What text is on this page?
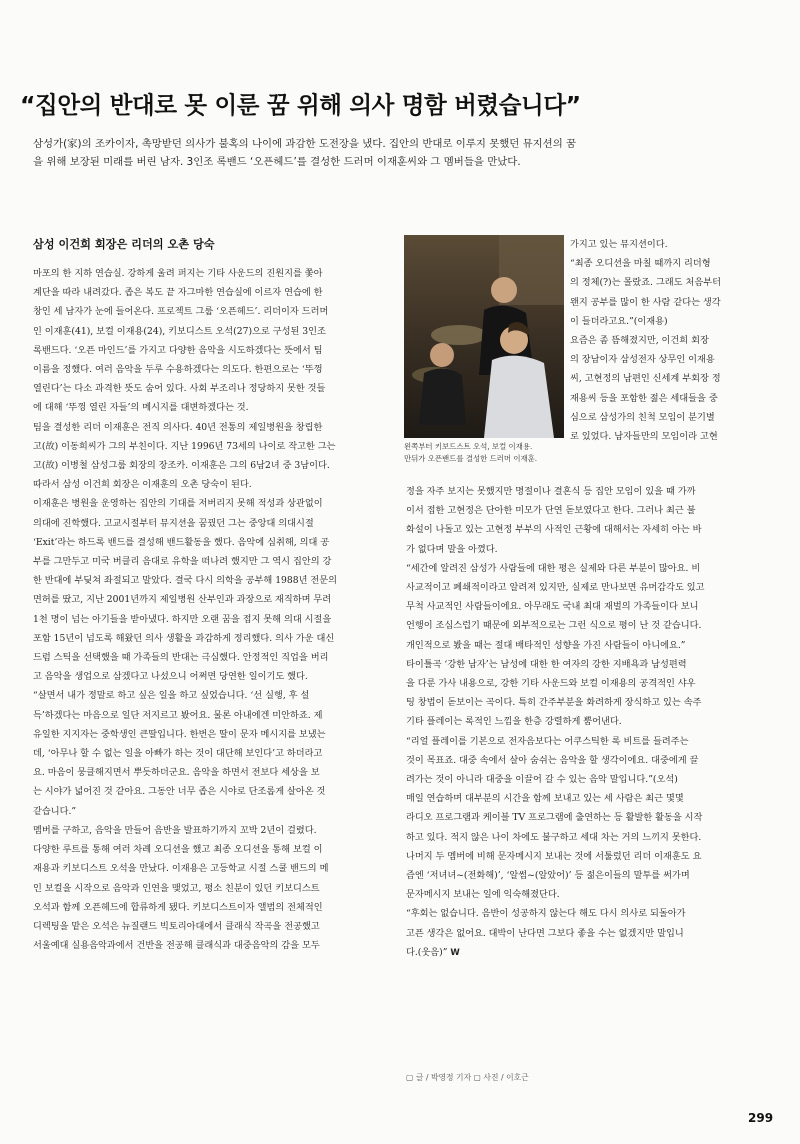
“집안의 반대로 못 이룬 꿈 위해 의사 명함 버렸습니다”

삼성가(家)의 조카이자, 촉망받던 의사가 불혹의 나이에 과감한 도전장을 냈다. 집안의 반대로 이루지 못했던 뮤지션의 꿈

을 위해 보장된 미래를 버린 남자. 3인조 록밴드 ‘오픈헤드’를 결성한 드러머 이재훈씨와 그 멤버들을 만났다.

삼성 이건희 회장은 리더의 오촌 당숙

마포의 한 지하 연습실. 강하게 울려 퍼지는 기타 사운드의 진원지를 쫓아

계단을 따라 내려갔다. 좁은 복도 끝 자그마한 연습실에 이르자 연습에 한

창인 세 남자가 눈에 들어온다. 프로젝트 그룹 ‘오픈헤드’. 리더이자 드러머

인 이재훈(41), 보컬 이재용(24), 키보디스트 오석(27)으로 구성된 3인조

록밴드다. ‘오픈 마인드’를 가지고 다양한 음악을 시도하겠다는 뜻에서 팀

이름을 정했다. 여러 음악을 두루 수용하겠다는 의도다. 한편으로는 ‘뚜껑

열린다’는 다소 과격한 뜻도 숨어 있다. 사회 부조리나 정당하지 못한 것들

에 대해 ‘뚜껑 열린 자들’의 메시지를 대변하겠다는 것.

팀을 결성한 리더 이재훈은 전직 의사다. 40년 전통의 제일병원을 창립한

고(故) 이동희씨가 그의 부친이다. 지난 1996년 73세의 나이로 작고한 그는

고(故) 이병철 삼성그룹 회장의 장조카. 이재훈은 그의 6남2녀 중 3남이다.

따라서 삼성 이건희 회장은 이재훈의 오촌 당숙이 된다.

이재훈은 병원을 운영하는 집안의 기대를 저버리지 못해 적성과 상관없이

의대에 진학했다. 고교시절부터 뮤지션을 꿈꿨던 그는 중앙대 의대시절

‘Exit’라는 하드록 밴드를 결성해 밴드활동을 했다. 음악에 심취해, 의대 공

부를 그만두고 미국 버클리 음대로 유학을 떠나려 했지만 그 역시 집안의 강

한 반대에 부딪쳐 좌절되고 말았다. 결국 다시 의학을 공부해 1988년 전문의

면허를 땄고, 지난 2001년까지 제일병원 산부인과 과장으로 재직하며 무려

1천 명이 넘는 아기들을 받아냈다. 하지만 오랜 꿈을 접지 못해 의대 시절을

포함 15년이 넘도록 해왔던 의사 생활을 과감하게 정리했다. 의사 가운 대신

드럼 스틱을 선택했을 때 가족들의 반대는 극심했다. 안정적인 직업을 버리

고 음악을 생업으로 삼겠다고 나섰으니 어쩌면 당연한 일이기도 했다.

“살면서 내가 정말로 하고 싶은 일을 하고 싶었습니다. ‘선 실행, 후 설

득’하겠다는 마음으로 일단 저지르고 봤어요. 물론 아내에겐 미안하죠. 제

유일한 지지자는 중학생인 큰딸입니다. 한번은 딸이 문자 메시지를 보냈는

데, ‘아무나 할 수 없는 일을 아빠가 하는 것이 대단해 보인다’고 하더라고

요. 마음이 뭉클해지면서 뿌듯하더군요. 음악을 하면서 전보다 세상을 보

는 시야가 넓어진 것 같아요. 그동안 너무 좁은 시야로 단조롭게 살아온 것

같습니다.”

멤버를 구하고, 음악을 만들어 음반을 발표하기까지 꼬박 2년이 걸렸다.

다양한 루트를 통해 여러 차례 오디션을 했고 최종 오디션을 통해 보컬 이

재용과 키보디스트 오석을 만났다. 이재용은 고등학교 시절 스쿨 밴드의 메

인 보컬을 시작으로 음악과 인연을 맺었고, 평소 친분이 있던 키보디스트

오석과 함께 오픈헤드에 합류하게 됐다. 키보디스트이자 앨범의 전체적인

디렉팅을 맡은 오석은 뉴질랜드 빅토리아대에서 클래식 작곡을 전공했고

서울예대 실용음악과에서 건반을 전공해 클래식과 대중음악의 감을 모두

왼쪽부터 키보드스트 오석, 보컬 이재용.

만뒤가 오픈밴드를 결성한 드러머 이재훈.

가지고 있는 뮤지션이다.

“최종 오디션을 마칠 때까지 리더형

의 정체(?)는 몰랐죠. 그래도 처음부터

왠지 공부를 많이 한 사람 같다는 생각

이 들더라고요.”(이재용)

요즘은 좀 뜸해졌지만, 이건희 회장

의 장남이자 삼성전자 상무인 이재용

씨, 고현정의 남편인 신세계 부회장 정

재용씨 등을 포함한 젊은 세대들을 중

심으로 삼성가의 친척 모임이 분기별

로 있었다. 남자들만의 모임이라 고현

정을 자주 보지는 못했지만 명절이나 결혼식 등 집안 모임이 있을 때 가까

이서 접한 고현정은 단아한 미모가 단연 돋보였다고 한다. 그러나 최근 불

화설이 나돌고 있는 고현정 부부의 사적인 근황에 대해서는 자세히 아는 바

가 없다며 말을 아꼈다.

“세간에 알려진 삼성가 사람들에 대한 평은 실제와 다른 부분이 많아요. 비

사교적이고 폐쇄적이라고 알려져 있지만, 실제로 만나보면 유머감각도 있고

무척 사교적인 사람들이에요. 아무래도 국내 최대 재벌의 가족들이다 보니

언행이 조심스럽기 때문에 외부적으로는 그런 식으로 평이 난 것 같습니다.

개인적으로 봤을 때는 절대 배타적인 성향을 가진 사람들이 아니에요.”

타이틀곡 ‘강한 남자’는 남성에 대한 한 여자의 강한 지배욕과 남성편력

을 다룬 가사 내용으로, 강한 기타 사운드와 보컬 이재용의 공격적인 샤우

팅 창법이 돋보이는 곡이다. 특히 간주부분을 화려하게 장식하고 있는 속주

기타 플레이는 록적인 느낌을 한층 강렬하게 뿜어낸다.

“리얼 플레이를 기본으로 전자음보다는 어쿠스틱한 록 비트를 들려주는

것이 목표죠. 대중 속에서 살아 숨쉬는 음악을 할 생각이에요. 대중에게 끌

려가는 것이 아니라 대중을 이끌어 갈 수 있는 음악 말입니다.”(오석)

매일 연습하며 대부분의 시간을 함께 보내고 있는 세 사람은 최근 몇몇

라디오 프로그램과 케이블 TV 프로그램에 출연하는 등 활발한 활동을 시작

하고 있다. 적지 않은 나이 차에도 불구하고 세대 차는 거의 느끼지 못한다.

나머지 두 멤버에 비해 문자메시지 보내는 것에 서툴렀던 리더 이재훈도 요

즘엔 ‘저녀녀~(전화해)’, ‘알썸~(알았어)’ 등 젊은이들의 말투를 써가며

문자메시지 보내는 일에 익숙해졌단다.

“후회는 없습니다. 음반이 성공하지 않는다 해도 다시 의사로 되돌아가

고픈 생각은 없어요. 대박이 난다면 그보다 좋을 수는 없겠지만 말입니

다.(웃음)” W

▢ 글 / 박영정 기자 ▢ 사진 / 이호근
299
